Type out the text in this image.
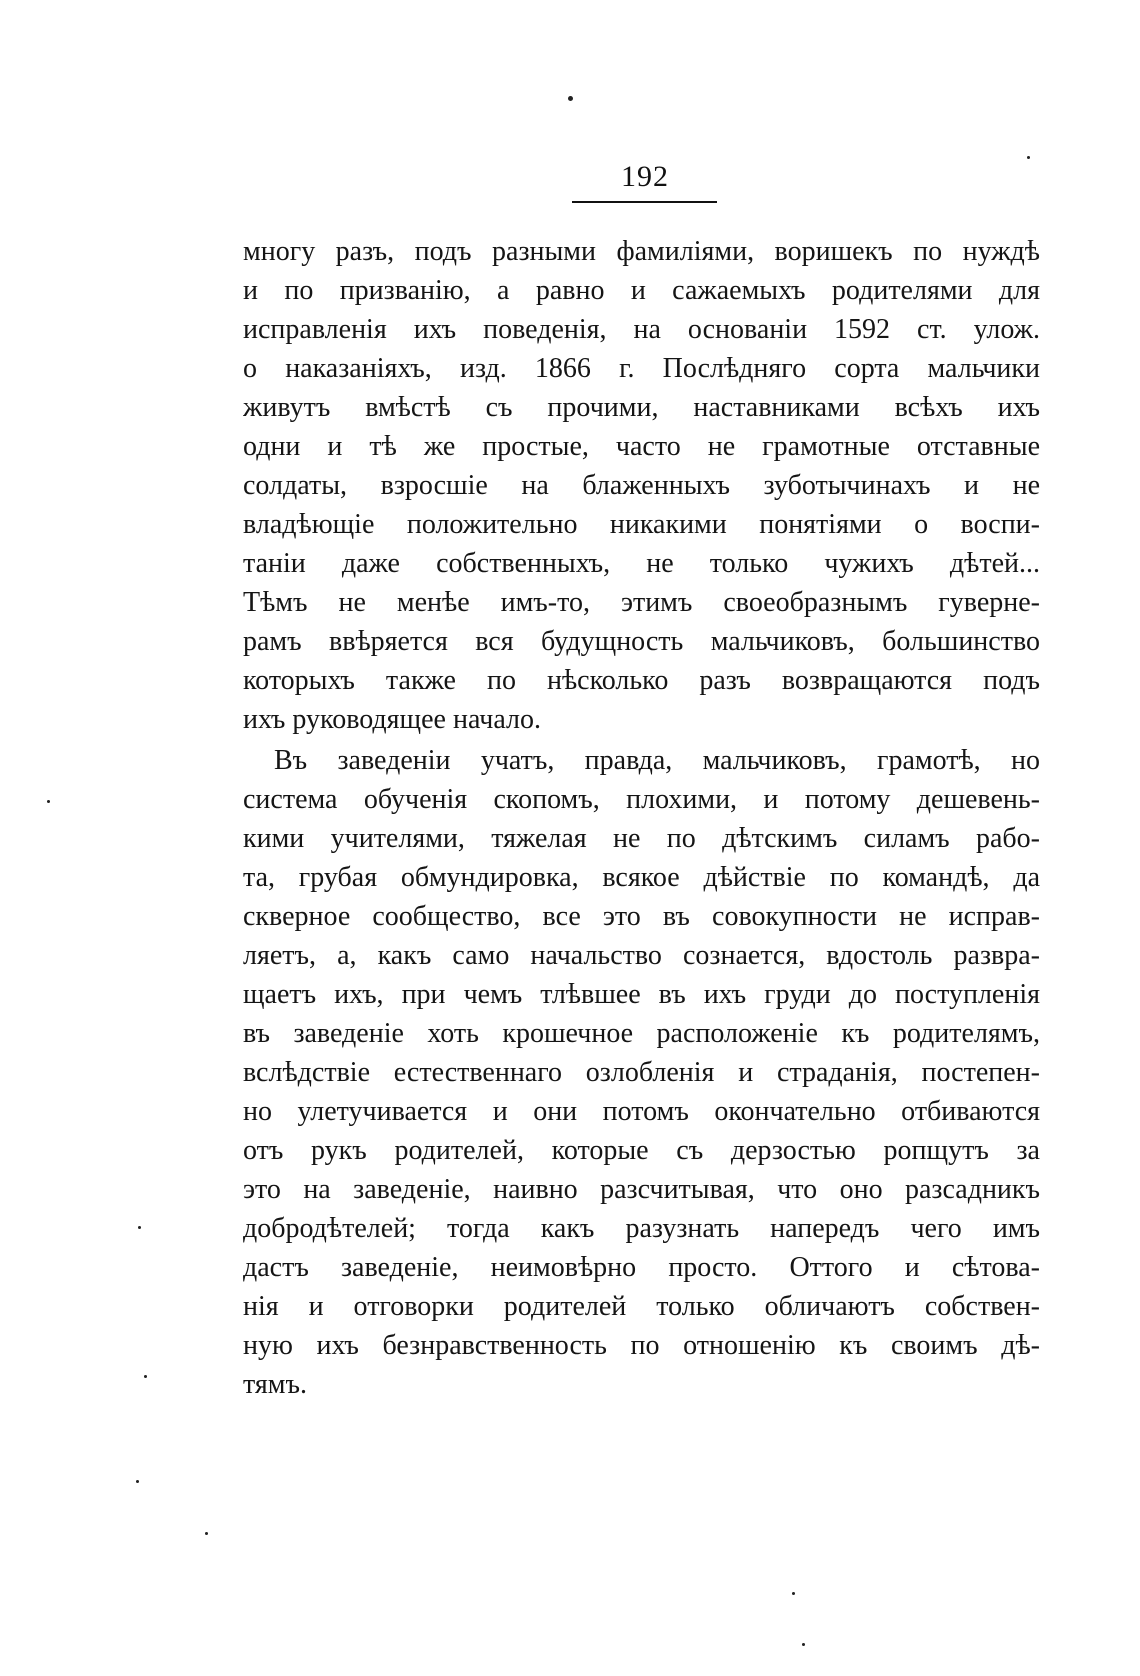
192
многу разъ, подъ разными фамиліями, воришекъ по нуждѣ
и по призванію, а равно и сажаемыхъ родителями для
исправленія ихъ поведенія, на основаніи 1592 ст. улож.
о наказаніяхъ, изд. 1866 г. Послѣдняго сорта мальчики
живутъ вмѣстѣ съ прочими, наставниками всѣхъ ихъ
одни и тѣ же простые, часто не грамотные отставные
солдаты, взросшіе на блаженныхъ зуботычинахъ и не
владѣющіе положительно никакими понятіями о воспи-
таніи даже собственныхъ, не только чужихъ дѣтей...
Тѣмъ не менѣе имъ-то, этимъ своеобразнымъ гуверне-
рамъ ввѣряется вся будущность мальчиковъ, большинство
которыхъ также по нѣсколько разъ возвращаются подъ
ихъ руководящее начало.
Въ заведеніи учатъ, правда, мальчиковъ, грамотѣ, но
система обученія скопомъ, плохими, и потому дешевень-
кими учителями, тяжелая не по дѣтскимъ силамъ рабо-
та, грубая обмундировка, всякое дѣйствіе по командѣ, да
скверное сообщество, все это въ совокупности не исправ-
ляетъ, а, какъ само начальство сознается, вдостоль развра-
щаетъ ихъ, при чемъ тлѣвшее въ ихъ груди до поступленія
въ заведеніе хоть крошечное расположеніе къ родителямъ,
вслѣдствіе естественнаго озлобленія и страданія, постепен-
но улетучивается и они потомъ окончательно отбиваются
отъ рукъ родителей, которые съ дерзостью ропщутъ за
это на заведеніе, наивно разсчитывая, что оно разсадникъ
добродѣтелей; тогда какъ разузнать напередъ чего имъ
дастъ заведеніе, неимовѣрно просто. Оттого и сѣтова-
нія и отговорки родителей только обличаютъ собствен-
ную ихъ безнравственность по отношенію къ своимъ дѣ-
тямъ.
